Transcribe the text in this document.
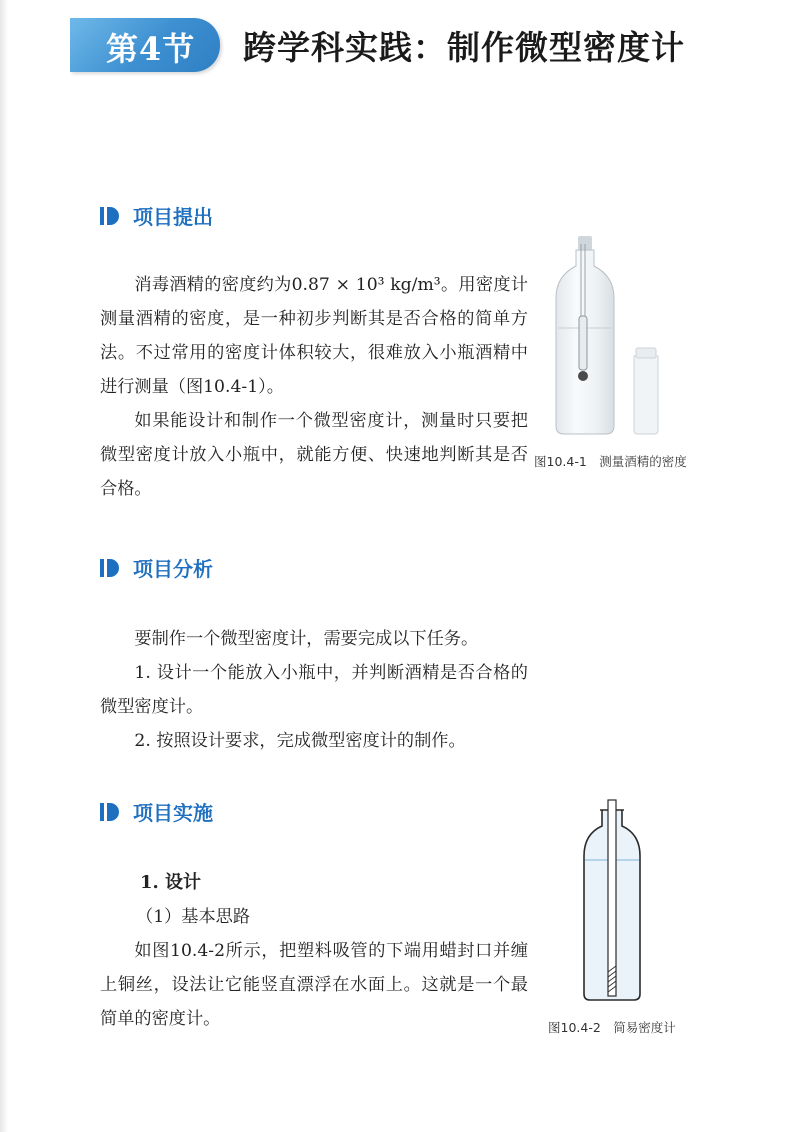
第4节 跨学科实践：制作微型密度计
项目提出

消毒酒精的密度约为0.87 × 10³ kg/m³。用密度计测量酒精的密度，是一种初步判断其是否合格的简单方法。不过常用的密度计体积较大，很难放入小瓶酒精中进行测量（图10.4-1）。

如果能设计和制作一个微型密度计，测量时只要把微型密度计放入小瓶中，就能方便、快速地判断其是否合格。

图10.4-1　测量酒精的密度
项目分析

要制作一个微型密度计，需要完成以下任务。

1. 设计一个能放入小瓶中，并判断酒精是否合格的微型密度计。

2. 按照设计要求，完成微型密度计的制作。

项目实施
1. 设计
（1）基本思路

如图10.4-2所示，把塑料吸管的下端用蜡封口并缠上铜丝，设法让它能竖直漂浮在水面上。这就是一个最简单的密度计。	图10.4-2　简易密度计
